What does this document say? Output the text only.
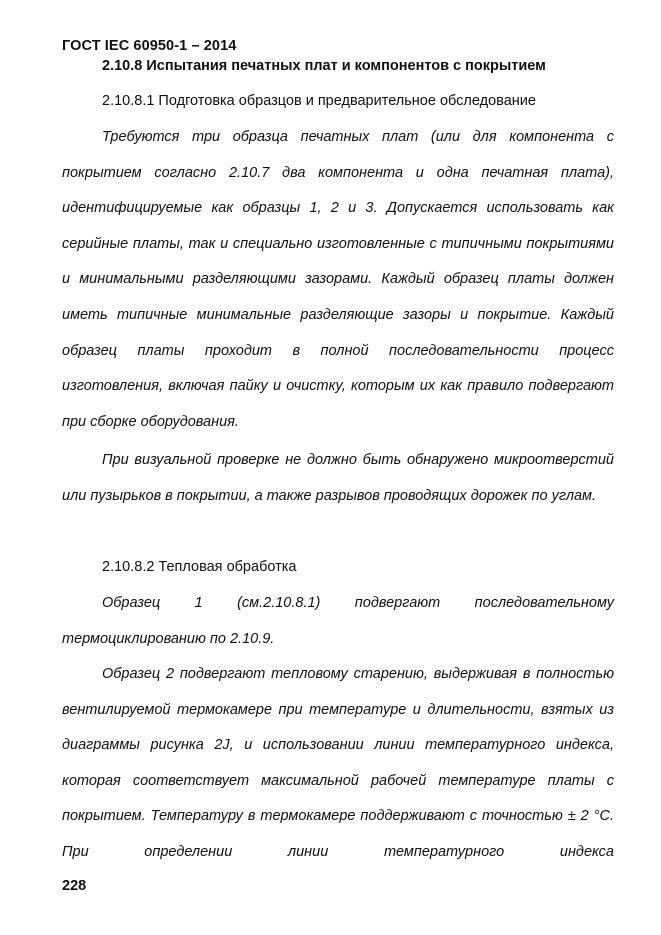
ГОСТ IEC 60950-1 – 2014
2.10.8 Испытания печатных плат и компонентов с покрытием

2.10.8.1 Подготовка образцов и предварительное обследование

Требуются три образца печатных плат (или для компонента с покрытием согласно 2.10.7 два компонента и одна печатная плата), идентифицируемые как образцы 1, 2 и 3. Допускается использовать как серийные платы, так и специально изготовленные с типичными покрытиями и минимальными разделяющими зазорами. Каждый образец платы должен иметь типичные минимальные разделяющие зазоры и покрытие. Каждый образец платы проходит в полной последовательности процесс изготовления, включая пайку и очистку, которым их как правило подвергают при сборке оборудования.

При визуальной проверке не должно быть обнаружено микроотверстий или пузырьков в покрытии, а также разрывов проводящих дорожек по углам.

2.10.8.2 Тепловая обработка

Образец 1 (см.2.10.8.1) подвергают последовательному термоциклированию по 2.10.9.

Образец 2 подвергают тепловому старению, выдерживая в полностью вентилируемой термокамере при температуре и длительности, взятых из диаграммы рисунка 2J, и использовании линии температурного индекса, которая соответствует максимальной рабочей температуре платы с покрытием. Температуру в термокамере поддерживают с точностью ± 2 °C. При определении линии температурного индекса

228
